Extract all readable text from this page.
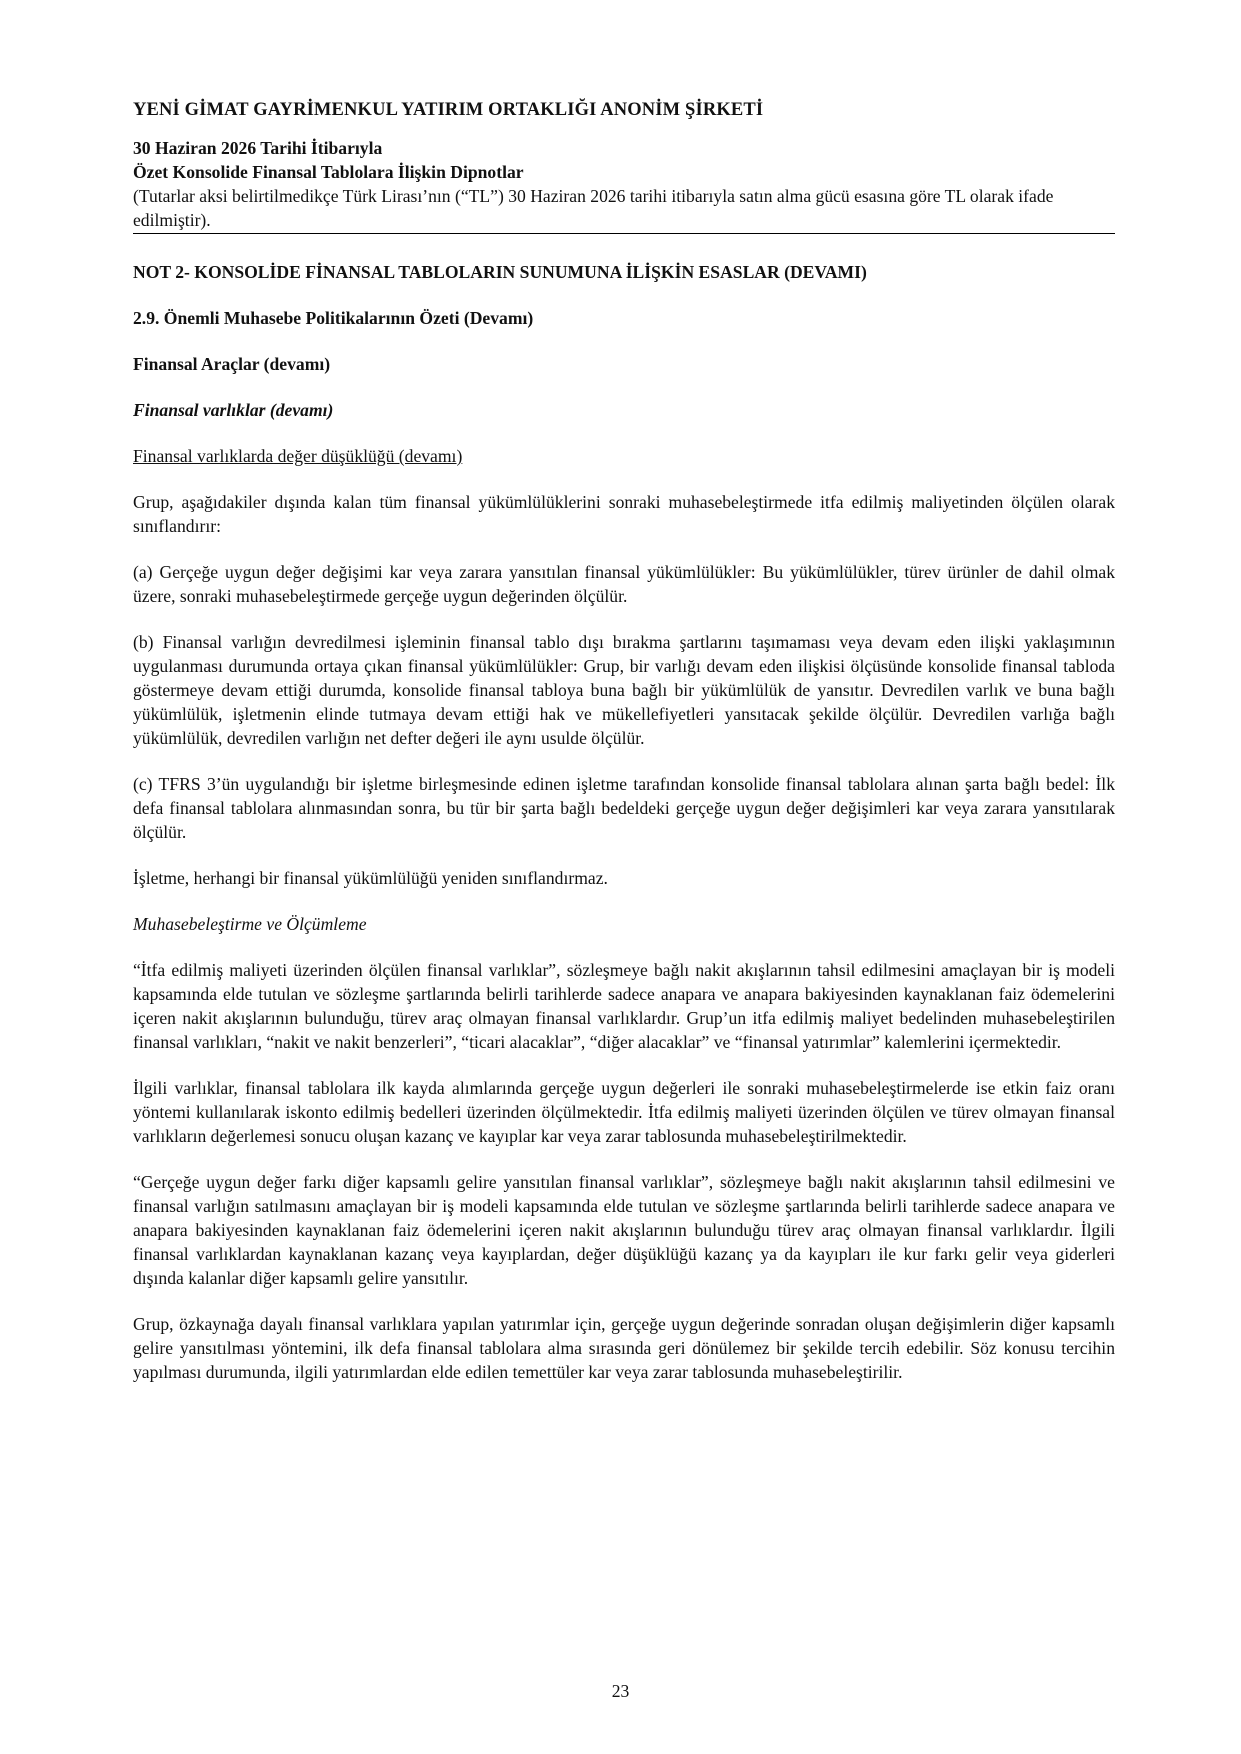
YENİ GİMAT GAYRİMENKUL YATIRIM ORTAKLIĞI ANONİM ŞİRKETİ

30 Haziran 2026 Tarihi İtibarıyla

Özet Konsolide Finansal Tablolara İlişkin Dipnotlar

(Tutarlar aksi belirtilmedikçe Türk Lirası’nın (“TL”) 30 Haziran 2026 tarihi itibarıyla satın alma gücü esasına göre TL olarak ifade edilmiştir).

NOT 2- KONSOLİDE FİNANSAL TABLOLARIN SUNUMUNA İLİŞKİN ESASLAR (DEVAMI)

2.9. Önemli Muhasebe Politikalarının Özeti (Devamı)

Finansal Araçlar (devamı)

Finansal varlıklar (devamı)

Finansal varlıklarda değer düşüklüğü (devamı)

Grup, aşağıdakiler dışında kalan tüm finansal yükümlülüklerini sonraki muhasebeleştirmede itfa edilmiş maliyetinden ölçülen olarak sınıflandırır:

(a) Gerçeğe uygun değer değişimi kar veya zarara yansıtılan finansal yükümlülükler: Bu yükümlülükler, türev ürünler de dahil olmak üzere, sonraki muhasebeleştirmede gerçeğe uygun değerinden ölçülür.

(b) Finansal varlığın devredilmesi işleminin finansal tablo dışı bırakma şartlarını taşımaması veya devam eden ilişki yaklaşımının uygulanması durumunda ortaya çıkan finansal yükümlülükler: Grup, bir varlığı devam eden ilişkisi ölçüsünde konsolide finansal tabloda göstermeye devam ettiği durumda, konsolide finansal tabloya buna bağlı bir yükümlülük de yansıtır. Devredilen varlık ve buna bağlı yükümlülük, işletmenin elinde tutmaya devam ettiği hak ve mükellefiyetleri yansıtacak şekilde ölçülür. Devredilen varlığa bağlı yükümlülük, devredilen varlığın net defter değeri ile aynı usulde ölçülür.

(c) TFRS 3’ün uygulandığı bir işletme birleşmesinde edinen işletme tarafından konsolide finansal tablolara alınan şarta bağlı bedel: İlk defa finansal tablolara alınmasından sonra, bu tür bir şarta bağlı bedeldeki gerçeğe uygun değer değişimleri kar veya zarara yansıtılarak ölçülür.

İşletme, herhangi bir finansal yükümlülüğü yeniden sınıflandırmaz.

Muhasebeleştirme ve Ölçümleme

“İtfa edilmiş maliyeti üzerinden ölçülen finansal varlıklar”, sözleşmeye bağlı nakit akışlarının tahsil edilmesini amaçlayan bir iş modeli kapsamında elde tutulan ve sözleşme şartlarında belirli tarihlerde sadece anapara ve anapara bakiyesinden kaynaklanan faiz ödemelerini içeren nakit akışlarının bulunduğu, türev araç olmayan finansal varlıklardır. Grup’un itfa edilmiş maliyet bedelinden muhasebeleştirilen finansal varlıkları, “nakit ve nakit benzerleri”, “ticari alacaklar”, “diğer alacaklar” ve “finansal yatırımlar” kalemlerini içermektedir.

İlgili varlıklar, finansal tablolara ilk kayda alımlarında gerçeğe uygun değerleri ile sonraki muhasebeleştirmelerde ise etkin faiz oranı yöntemi kullanılarak iskonto edilmiş bedelleri üzerinden ölçülmektedir. İtfa edilmiş maliyeti üzerinden ölçülen ve türev olmayan finansal varlıkların değerlemesi sonucu oluşan kazanç ve kayıplar kar veya zarar tablosunda muhasebeleştirilmektedir.

“Gerçeğe uygun değer farkı diğer kapsamlı gelire yansıtılan finansal varlıklar”, sözleşmeye bağlı nakit akışlarının tahsil edilmesini ve finansal varlığın satılmasını amaçlayan bir iş modeli kapsamında elde tutulan ve sözleşme şartlarında belirli tarihlerde sadece anapara ve anapara bakiyesinden kaynaklanan faiz ödemelerini içeren nakit akışlarının bulunduğu türev araç olmayan finansal varlıklardır. İlgili finansal varlıklardan kaynaklanan kazanç veya kayıplardan, değer düşüklüğü kazanç ya da kayıpları ile kur farkı gelir veya giderleri dışında kalanlar diğer kapsamlı gelire yansıtılır.

Grup, özkaynağa dayalı finansal varlıklara yapılan yatırımlar için, gerçeğe uygun değerinde sonradan oluşan değişimlerin diğer kapsamlı gelire yansıtılması yöntemini, ilk defa finansal tablolara alma sırasında geri dönülemez bir şekilde tercih edebilir. Söz konusu tercihin yapılması durumunda, ilgili yatırımlardan elde edilen temettüler kar veya zarar tablosunda muhasebeleştirilir.

23
